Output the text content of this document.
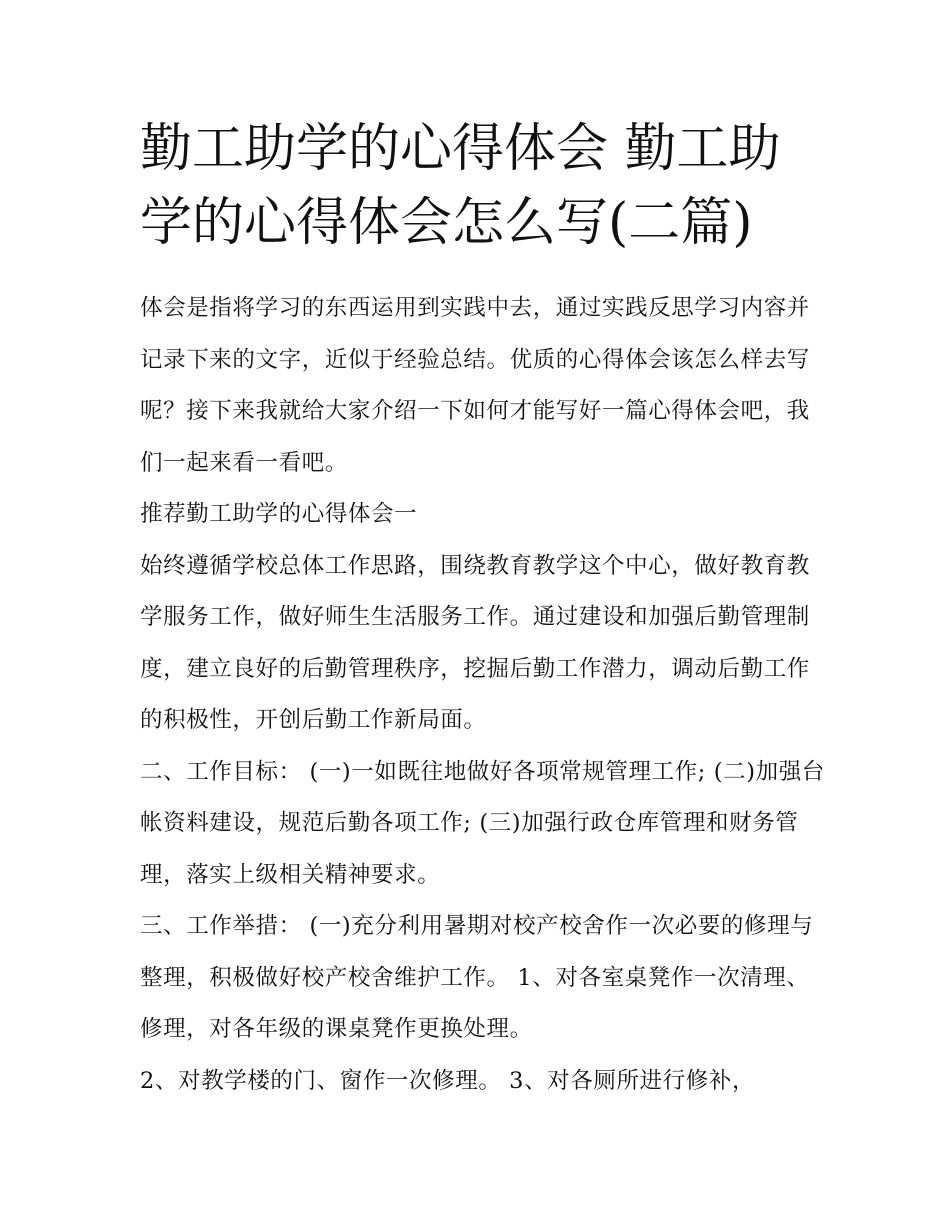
勤工助学的心得体会 勤工助学的心得体会怎么写(二篇)

体会是指将学习的东西运用到实践中去，通过实践反思学习内容并记录下来的文字，近似于经验总结。优质的心得体会该怎么样去写呢？接下来我就给大家介绍一下如何才能写好一篇心得体会吧，我们一起来看一看吧。

推荐勤工助学的心得体会一

始终遵循学校总体工作思路，围绕教育教学这个中心，做好教育教学服务工作，做好师生生活服务工作。通过建设和加强后勤管理制度，建立良好的后勤管理秩序，挖掘后勤工作潜力，调动后勤工作的积极性，开创后勤工作新局面。

二、工作目标： (一)一如既往地做好各项常规管理工作; (二)加强台帐资料建设，规范后勤各项工作; (三)加强行政仓库管理和财务管理，落实上级相关精神要求。

三、工作举措： (一)充分利用暑期对校产校舍作一次必要的修理与整理，积极做好校产校舍维护工作。 1、对各室桌凳作一次清理、修理，对各年级的课桌凳作更换处理。

2、对教学楼的门、窗作一次修理。 3、对各厕所进行修补，
